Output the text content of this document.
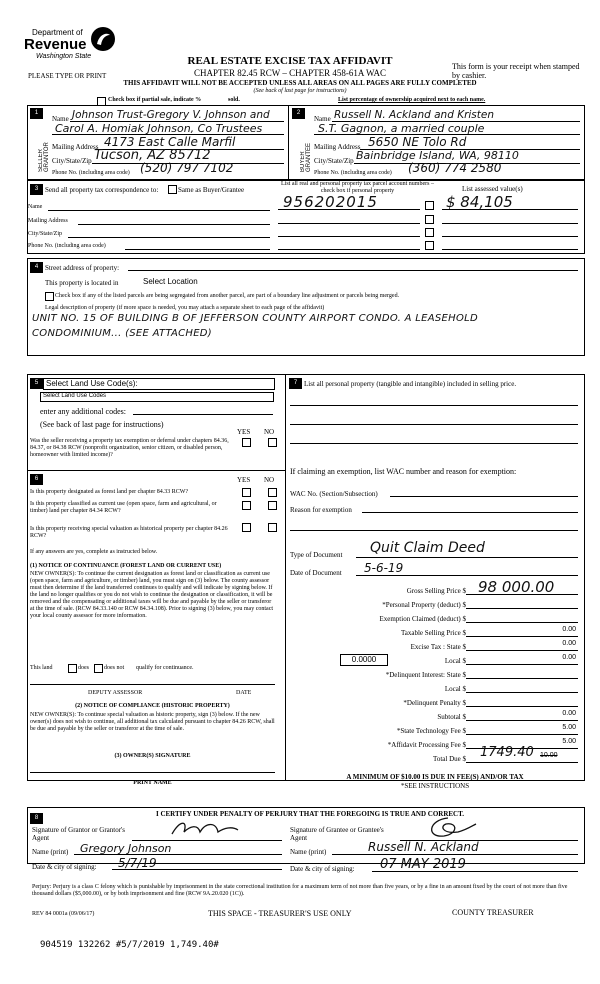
Department of
Revenue
Washington State
PLEASE TYPE OR PRINT
REAL ESTATE EXCISE TAX AFFIDAVIT
CHAPTER 82.45 RCW – CHAPTER 458-61A WAC
THIS AFFIDAVIT WILL NOT BE ACCEPTED UNLESS ALL AREAS ON ALL PAGES ARE FULLY COMPLETED
(See back of last page for instructions)
This form is your receipt when stamped by cashier.
Check box if partial sale, indicate %	sold.	List percentage of ownership acquired next to each name.
1	2
SELLER GRANTOR	BUYER GRANTEE
Name Johnson Trust-Gregory V. Johnson and
Carol A. Homiak Johnson, Co Trustees
Mailing Address 4173 East Calle Marfil
City/State/Zip Tucson, AZ 85712
Phone No. (including area code) (520) 797 7102
Name Russell N. Ackland and Kristen
S.T. Gagnon, a married couple
Mailing Address 5650 NE Tolo Rd
City/State/Zip Bainbridge Island, WA, 98110
Phone No. (including area code) (360) 774 2580
3 Send all property tax correspondence to:	Same as Buyer/Grantee
Name
Mailing Address
City/State/Zip
Phone No. (including area code)
List all real and personal property tax parcel account numbers – check box if personal property	List assessed value(s)
956202015	$ 84,105
4 Street address of property:
This property is located in	Select Location
Check box if any of the listed parcels are being segregated from another parcel, are part of a boundary line adjustment or parcels being merged.
Legal description of property (if more space is needed, you may attach a separate sheet to each page of the affidavit)
UNIT NO. 15 OF BUILDING B OF JEFFERSON COUNTY AIRPORT CONDO. A LEASEHOLD
CONDOMINIUM... (SEE ATTACHED)
5 Select Land Use Code(s):
Select Land Use Codes
enter any additional codes:
(See back of last page for instructions)
YES NO
Was the seller receiving a property tax exemption or deferral under chapters 84.36, 84.37, or 84.38 RCW (nonprofit organization, senior citizen, or disabled person, homeowner with limited income)?
6	YES NO
Is this property designated as forest land per chapter 84.33 RCW?
Is this property classified as current use (open space, farm and agricultural, or timber) land per chapter 84.34 RCW?
Is this property receiving special valuation as historical property per chapter 84.26 RCW?
If any answers are yes, complete as instructed below.
(1) NOTICE OF CONTINUANCE (FOREST LAND OR CURRENT USE)
NEW OWNER(S): To continue the current designation as forest land or classification as current use (open space, farm and agriculture, or timber) land, you must sign on (3) below. The county assessor must then determine if the land transferred continues to qualify and will indicate by signing below. If the land no longer qualifies or you do not wish to continue the designation or classification, it will be removed and the compensating or additional taxes will be due and payable by the seller or transferor at the time of sale. (RCW 84.33.140 or RCW 84.34.108). Prior to signing (3) below, you may contact your local county assessor for more information.
This land	does	does not qualify for continuance.
DEPUTY ASSESSOR	DATE
(2) NOTICE OF COMPLIANCE (HISTORIC PROPERTY)
NEW OWNER(S): To continue special valuation as historic property, sign (3) below. If the new owner(s) does not wish to continue, all additional tax calculated pursuant to chapter 84.26 RCW, shall be due and payable by the seller or transferor at the time of sale.
(3) OWNER(S) SIGNATURE
PRINT NAME
7 List all personal property (tangible and intangible) included in selling price.
If claiming an exemption, list WAC number and reason for exemption:
WAC No. (Section/Subsection)
Reason for exemption
Type of Document Quit Claim Deed
Date of Document 5-6-19
Gross Selling Price $ 98 000.00
*Personal Property (deduct) $
Exemption Claimed (deduct) $
Taxable Selling Price $	0.00
Excise Tax : State $	0.00
0.0000	Local $	0.00
*Delinquent Interest: State $
Local $
*Delinquent Penalty $
Subtotal $	0.00
*State Technology Fee $	5.00
*Affidavit Processing Fee $	5.00
Total Due $ 1749.40 10.00
A MINIMUM OF $10.00 IS DUE IN FEE(S) AND/OR TAX
*SEE INSTRUCTIONS
8	I CERTIFY UNDER PENALTY OF PERJURY THAT THE FOREGOING IS TRUE AND CORRECT.
Signature of Grantor or Grantor's Agent
Name (print) Gregory Johnson
Date & city of signing: 5/7/19
Signature of Grantee or Grantee's Agent
Name (print)	Russell N. Ackland
Date & city of signing: 07 MAY 2019
Perjury: Perjury is a class C felony which is punishable by imprisonment in the state correctional institution for a maximum term of not more than five years, or by a fine in an amount fixed by the court of not more than five thousand dollars ($5,000.00), or by both imprisonment and fine (RCW 9A.20.020 (1C)).
REV 84 0001a (09/06/17)	THIS SPACE - TREASURER'S USE ONLY	COUNTY TREASURER
904519 132262 #5/7/2019 1,749.40#
